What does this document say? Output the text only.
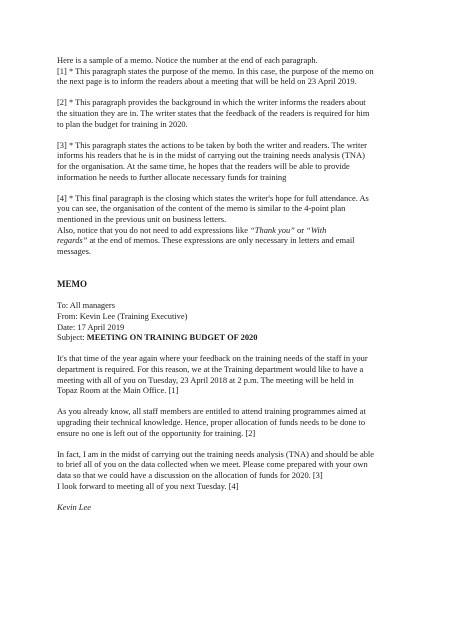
Here is a sample of a memo. Notice the number at the end of each paragraph.

[1] * This paragraph states the purpose of the memo. In this case, the purpose of the memo on
the next page is to inform the readers about a meeting that will be held on 23 April 2019.

[2] * This paragraph provides the background in which the writer informs the readers about
the situation they are in. The writer states that the feedback of the readers is required for him
to plan the budget for training in 2020.

[3] * This paragraph states the actions to be taken by both the writer and readers. The writer
informs his readers that he is in the midst of carrying out the training needs analysis (TNA)
for the organisation. At the same time, he hopes that the readers will be able to provide
information he needs to further allocate necessary funds for training

[4] * This final paragraph is the closing which states the writer's hope for full attendance. As
you can see, the organisation of the content of the memo is similar to the 4-point plan
mentioned in the previous unit on business letters.

Also, notice that you do not need to add expressions like “Thank you” or “With
regards” at the end of memos. These expressions are only necessary in letters and email
messages.

MEMO

To: All managers

From: Kevin Lee (Training Executive)

Date: 17 April 2019

Subject: MEETING ON TRAINING BUDGET OF 2020

It's that time of the year again where your feedback on the training needs of the staff in your
department is required. For this reason, we at the Training department would like to have a
meeting with all of you on Tuesday, 23 April 2018 at 2 p.m. The meeting will be held in
Topaz Room at the Main Office. [1]

As you already know, all staff members are entitled to attend training programmes aimed at
upgrading their technical knowledge. Hence, proper allocation of funds needs to be done to
ensure no one is left out of the opportunity for training. [2]

In fact, I am in the midst of carrying out the training needs analysis (TNA) and should be able
to brief all of you on the data collected when we meet. Please come prepared with your own
data so that we could have a discussion on the allocation of funds for 2020. [3]

I look forward to meeting all of you next Tuesday. [4]

Kevin Lee
